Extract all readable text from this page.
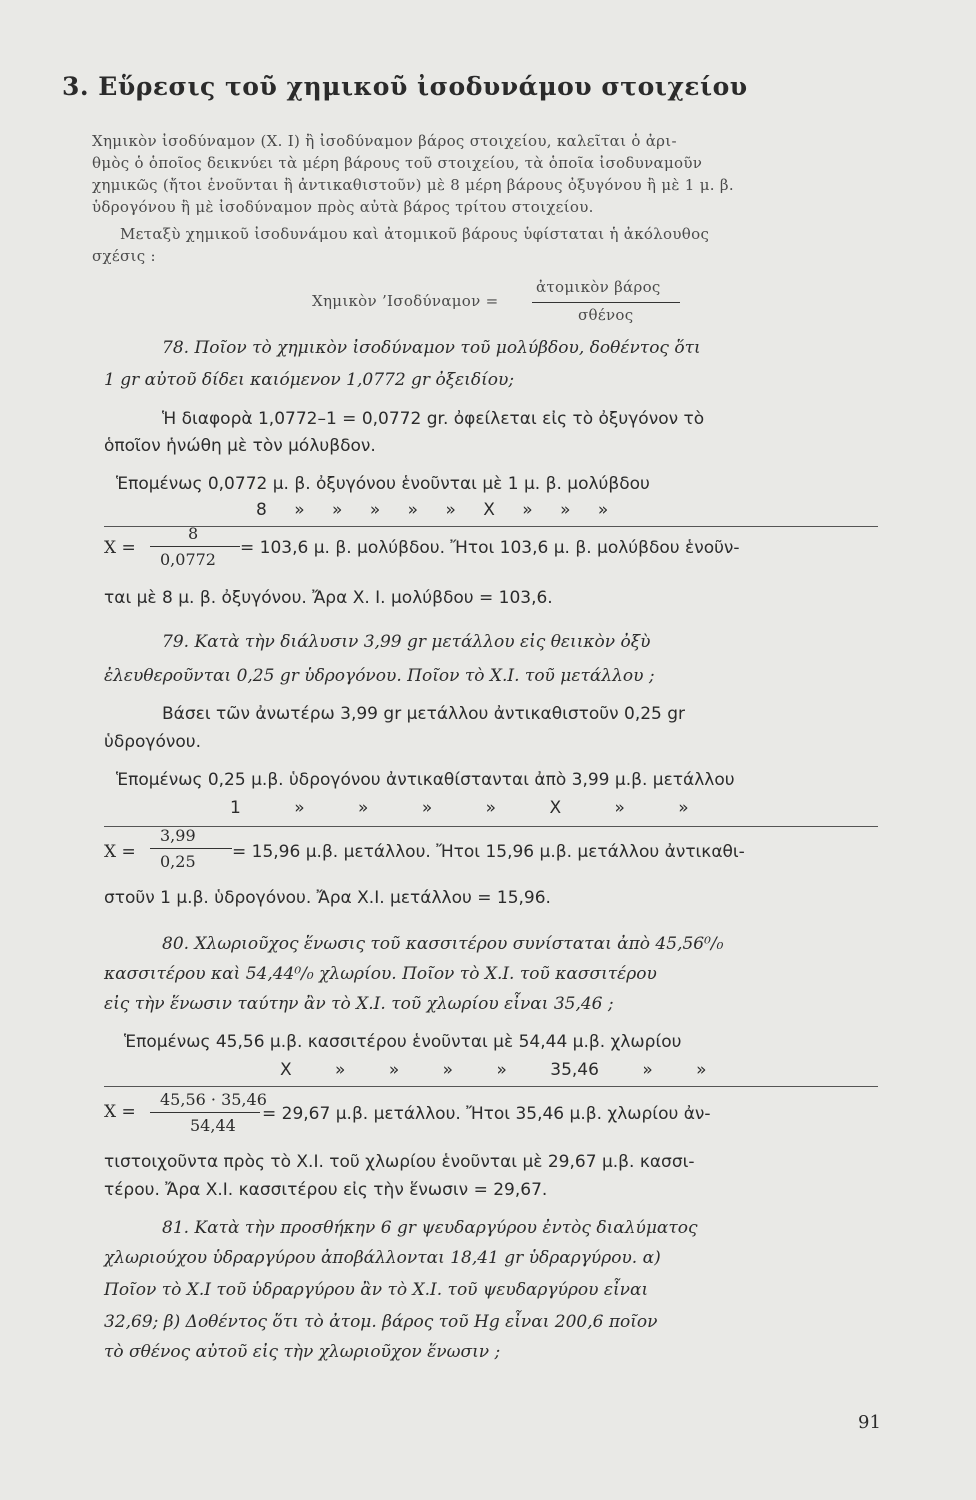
3. Εὕρεσις τοῦ χημικοῦ ἰσοδυνάμου στοιχείου
Χημικὸν ἰσοδύναμον (Χ. Ι) ἢ ἰσοδύναμον βάρος στοιχείου, καλεῖται ὁ ἀρι-
θμὸς ὁ ὁποῖος δεικνύει τὰ μέρη βάρους τοῦ στοιχείου, τὰ ὁποῖα ἰσοδυναμοῦν
χημικῶς (ἤτοι ἑνοῦνται ἢ ἀντικαθιστοῦν) μὲ 8 μέρη βάρους ὀξυγόνου ἢ μὲ 1 μ. β.
ὑδρογόνου ἢ μὲ ἰσοδύναμον πρὸς αὐτὰ βάρος τρίτου στοιχείου.
Μεταξὺ χημικοῦ ἰσοδυνάμου καὶ ἀτομικοῦ βάρους ὑφίσταται ἡ ἀκόλουθος
σχέσις :
Χημικὸν ’Ισοδύναμον =
ἀτομικὸν βάρος
σθένος
78. Ποῖον τὸ χημικὸν ἰσοδύναμον τοῦ μολύβδου, δοθέντος ὅτι
1 gr αὐτοῦ δίδει καιόμενον 1,0772 gr ὀξειδίου;
Ἡ διαφορὰ 1,0772–1 = 0,0772 gr. ὀφείλεται εἰς τὸ ὀξυγόνον τὸ
ὁποῖον ἡνώθη μὲ τὸν μόλυβδον.
Ἑπομένως 0,0772 μ. β. ὀξυγόνου ἑνοῦνται μὲ 1 μ. β. μολύβδου
8 » » » » » Χ » » »
Χ =
8
0,0772
= 103,6 μ. β. μολύβδου. Ἤτοι 103,6 μ. β. μολύβδου ἑνοῦν-
ται μὲ 8 μ. β. ὀξυγόνου. Ἄρα Χ. Ι. μολύβδου = 103,6.
79. Κατὰ τὴν διάλυσιν 3,99 gr μετάλλου εἰς θειικὸν ὀξὺ
ἐλευθεροῦνται 0,25 gr ὑδρογόνου. Ποῖον τὸ Χ.Ι. τοῦ μετάλλου ;
Βάσει τῶν ἀνωτέρω 3,99 gr μετάλλου ἀντικαθιστοῦν 0,25 gr
ὑδρογόνου.
Ἑπομένως 0,25 μ.β. ὑδρογόνου ἀντικαθίστανται ἀπὸ 3,99 μ.β. μετάλλου
1 » » » » Χ » »
Χ =
3,99
0,25 = 15,96 μ.β. μετάλλου. Ἤτοι 15,96 μ.β. μετάλλου ἀντικαθι-
στοῦν 1 μ.β. ὑδρογόνου. Ἄρα Χ.Ι. μετάλλου = 15,96.
80. Χλωριοῦχος ἕνωσις τοῦ κασσιτέρου συνίσταται ἀπὸ 45,56⁰/₀
κασσιτέρου καὶ 54,44⁰/₀ χλωρίου. Ποῖον τὸ Χ.Ι. τοῦ κασσιτέρου
εἰς τὴν ἕνωσιν ταύτην ἂν τὸ Χ.Ι. τοῦ χλωρίου εἶναι 35,46 ;
Ἑπομένως 45,56 μ.β. κασσιτέρου ἑνοῦνται μὲ 54,44 μ.β. χλωρίου
Χ » » » » 35,46 » »
Χ =
45,56 · 35,46
54,44
= 29,67 μ.β. μετάλλου. Ἤτοι 35,46 μ.β. χλωρίου ἀν-
τιστοιχοῦντα πρὸς τὸ Χ.Ι. τοῦ χλωρίου ἑνοῦνται μὲ 29,67 μ.β. κασσι-
τέρου. Ἄρα Χ.Ι. κασσιτέρου εἰς τὴν ἕνωσιν = 29,67.
81. Κατὰ τὴν προσθήκην 6 gr ψευδαργύρου ἐντὸς διαλύματος
χλωριούχου ὑδραργύρου ἀποβάλλονται 18,41 gr ὑδραργύρου. α)
Ποῖον τὸ Χ.Ι τοῦ ὑδραργύρου ἂν τὸ Χ.Ι. τοῦ ψευδαργύρου εἶναι
32,69; β) Δοθέντος ὅτι τὸ ἀτομ. βάρος τοῦ Hg εἶναι 200,6 ποῖον
τὸ σθένος αὐτοῦ εἰς τὴν χλωριοῦχον ἕνωσιν ;
91
